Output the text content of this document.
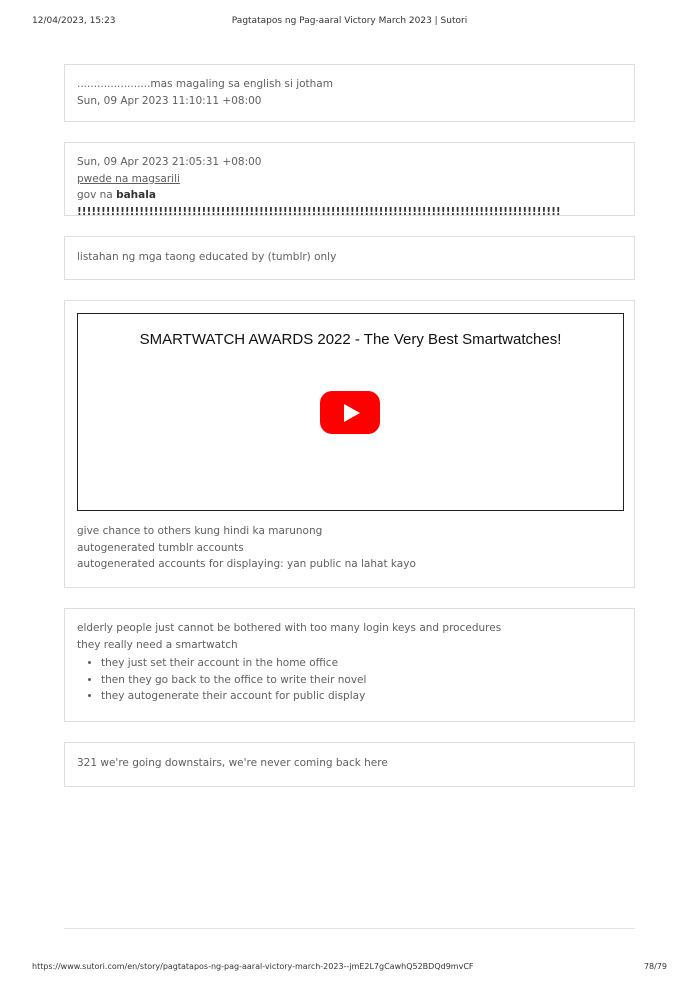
12/04/2023, 15:23	Pagtatapos ng Pag-aaral Victory March 2023 | Sutori

......................mas magaling sa english si jotham

Sun, 09 Apr 2023 11:10:11 +08:00

Sun, 09 Apr 2023 21:05:31 +08:00

pwede na magsarili

gov na bahala !!!!!!!!!!!!!!!!!!!!!!!!!!!!!!!!!!!!!!!!!!!!!!!!!!!!!!!!!!!!!!!!!!!!!!!!!!!!!!!!!!!!!!!!!!!!!!!!!!!!!

listahan ng mga taong educated by (tumblr) only

SMARTWATCH AWARDS 2022 - The Very Best Smartwatches!

give chance to others kung hindi ka marunong

autogenerated tumblr accounts

autogenerated accounts for displaying: yan public na lahat kayo

elderly people just cannot be bothered with too many login keys and procedures

they really need a smartwatch

• they just set their account in the home office
• then they go back to the office to write their novel
• they autogenerate their account for public display

321 we're going downstairs, we're never coming back here

https://www.sutori.com/en/story/pagtatapos-ng-pag-aaral-victory-march-2023--jmE2L7gCawhQ52BDQd9mvCF	78/79
